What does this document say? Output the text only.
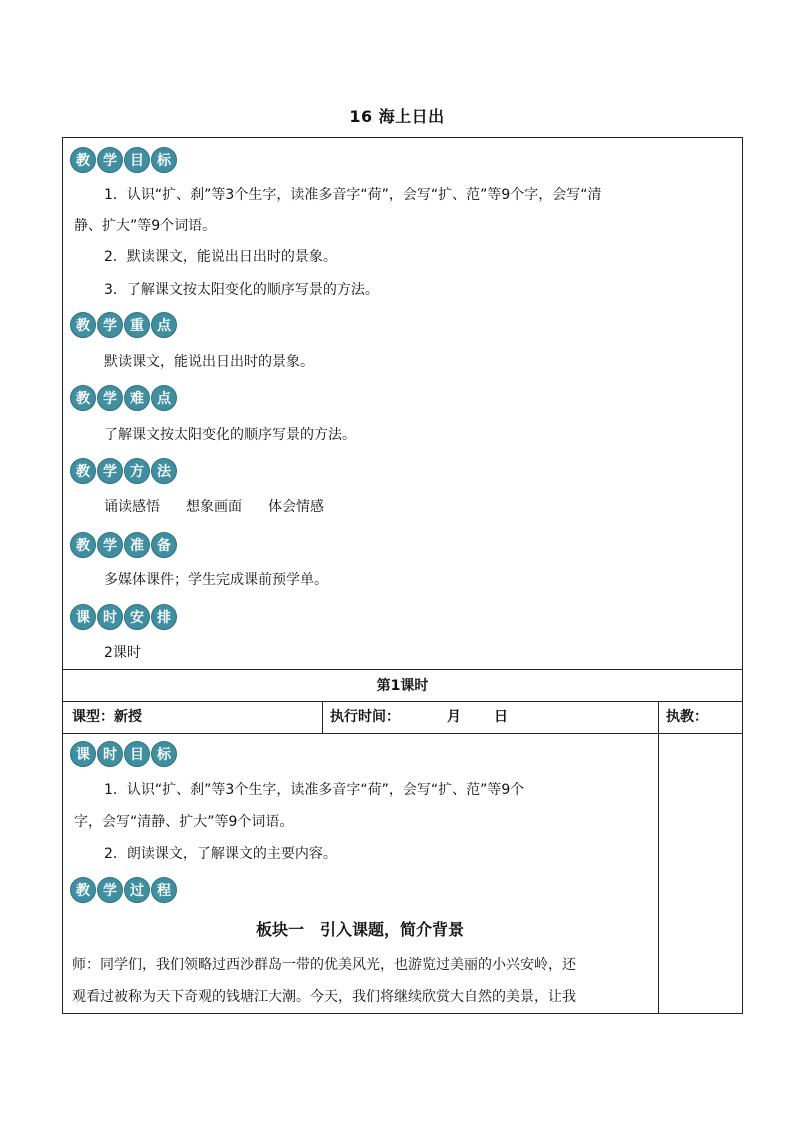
16 海上日出
教 学 目 标
1．认识“扩、刹”等3个生字，读准多音字“荷”，会写“扩、范”等9个字，会写“清
静、扩大”等9个词语。
2．默读课文，能说出日出时的景象。
3．了解课文按太阳变化的顺序写景的方法。
教 学 重 点
默读课文，能说出日出时的景象。
教 学 难 点
了解课文按太阳变化的顺序写景的方法。
教 学 方 法
诵读感悟 想象画面 体会情感
教 学 准 备
多媒体课件；学生完成课前预学单。
课 时 安 排
2课时
第1课时
课型：新授	执行时间：	月 日	执教：
课 时 目 标
1．认识“扩、刹”等3个生字，读准多音字“荷”，会写“扩、范”等9个
字，会写“清静、扩大”等9个词语。
2．朗读课文，了解课文的主要内容。
教 学 过 程
板块一　引入课题，简介背景
师：同学们，我们领略过西沙群岛一带的优美风光，也游览过美丽的小兴安岭，还
观看过被称为天下奇观的钱塘江大潮。今天，我们将继续欣赏大自然的美景，让我
